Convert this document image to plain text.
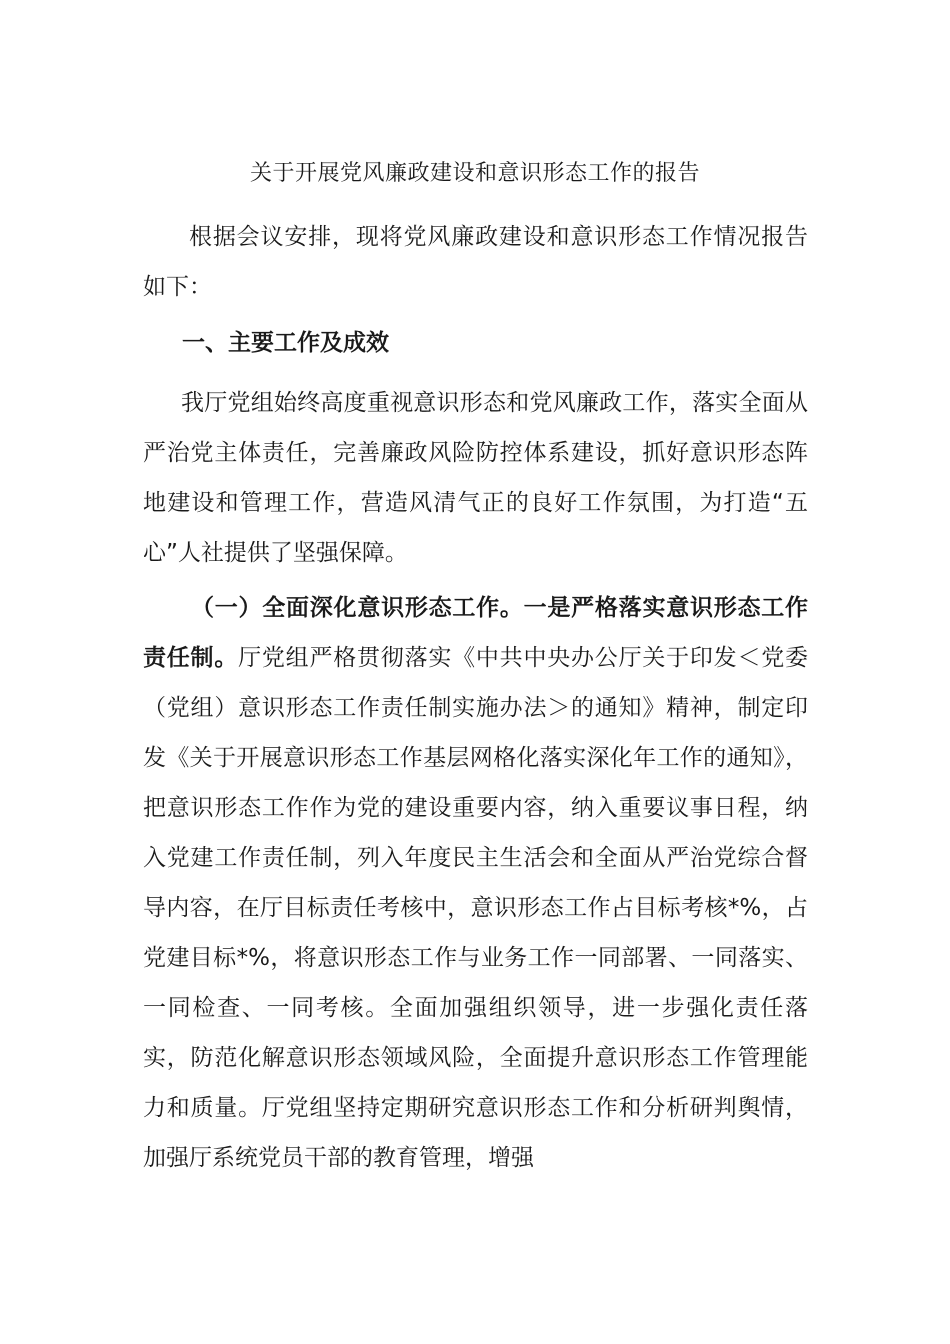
关于开展党风廉政建设和意识形态工作的报告

根据会议安排，现将党风廉政建设和意识形态工作情况报告如下：

一、主要工作及成效

我厅党组始终高度重视意识形态和党风廉政工作，落实全面从严治党主体责任，完善廉政风险防控体系建设，抓好意识形态阵地建设和管理工作，营造风清气正的良好工作氛围，为打造“五心”人社提供了坚强保障。

（一）全面深化意识形态工作。一是严格落实意识形态工作责任制。厅党组严格贯彻落实《中共中央办公厅关于印发＜党委（党组）意识形态工作责任制实施办法＞的通知》精神，制定印发《关于开展意识形态工作基层网格化落实深化年工作的通知》，把意识形态工作作为党的建设重要内容，纳入重要议事日程，纳入党建工作责任制，列入年度民主生活会和全面从严治党综合督导内容，在厅目标责任考核中，意识形态工作占目标考核*%，占党建目标*%，将意识形态工作与业务工作一同部署、一同落实、一同检查、一同考核。全面加强组织领导，进一步强化责任落实，防范化解意识形态领域风险，全面提升意识形态工作管理能力和质量。厅党组坚持定期研究意识形态工作和分析研判舆情，加强厅系统党员干部的教育管理，增强
